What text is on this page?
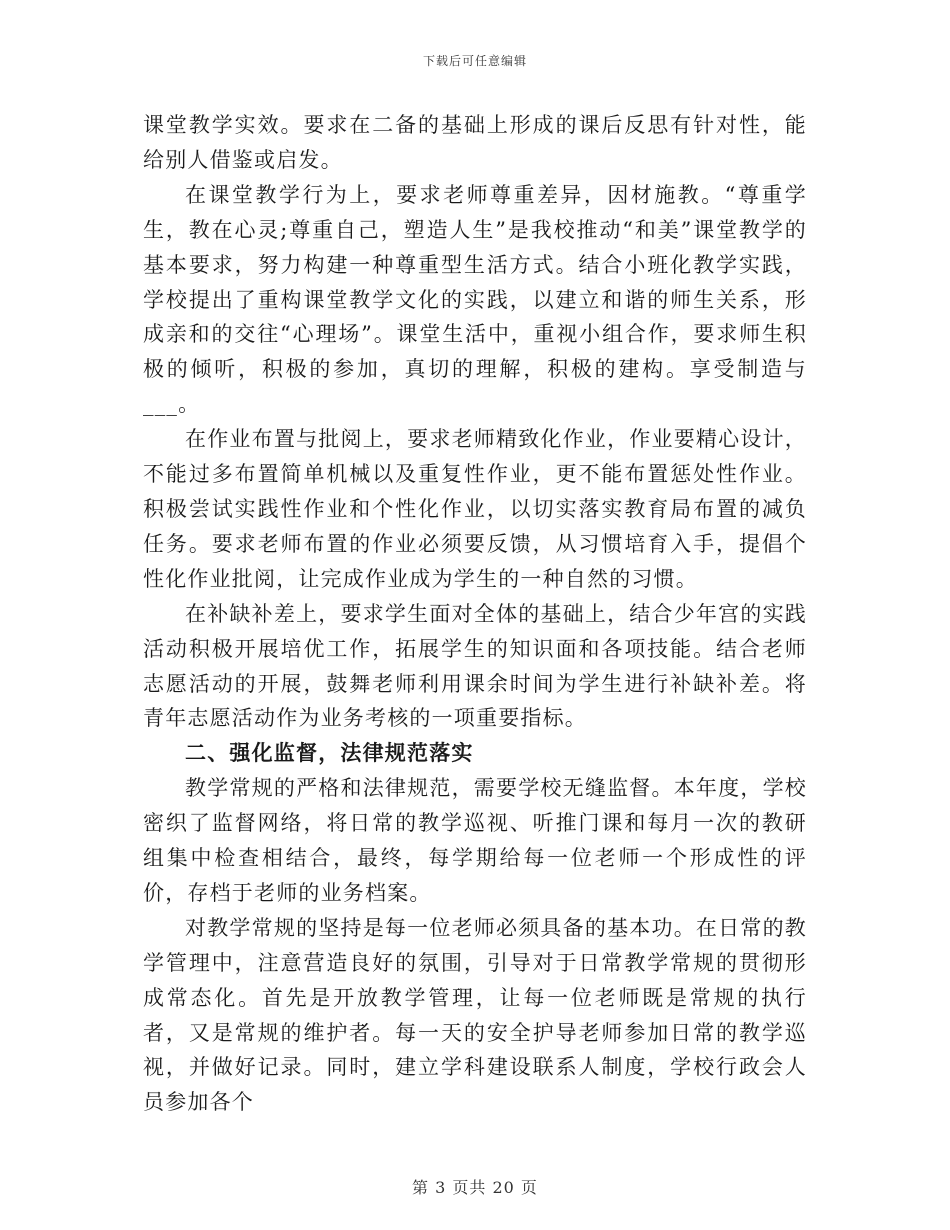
下载后可任意编辑

课堂教学实效。要求在二备的基础上形成的课后反思有针对性，能给别人借鉴或启发。

在课堂教学行为上，要求老师尊重差异，因材施教。“尊重学生，教在心灵;尊重自己，塑造人生”是我校推动“和美”课堂教学的基本要求，努力构建一种尊重型生活方式。结合小班化教学实践，学校提出了重构课堂教学文化的实践，以建立和谐的师生关系，形成亲和的交往“心理场”。课堂生活中，重视小组合作，要求师生积极的倾听，积极的参加，真切的理解，积极的建构。享受制造与___。

在作业布置与批阅上，要求老师精致化作业，作业要精心设计，不能过多布置简单机械以及重复性作业，更不能布置惩处性作业。积极尝试实践性作业和个性化作业，以切实落实教育局布置的减负任务。要求老师布置的作业必须要反馈，从习惯培育入手，提倡个性化作业批阅，让完成作业成为学生的一种自然的习惯。

在补缺补差上，要求学生面对全体的基础上，结合少年宫的实践活动积极开展培优工作，拓展学生的知识面和各项技能。结合老师志愿活动的开展，鼓舞老师利用课余时间为学生进行补缺补差。将青年志愿活动作为业务考核的一项重要指标。

二、强化监督，法律规范落实

教学常规的严格和法律规范，需要学校无缝监督。本年度，学校密织了监督网络，将日常的教学巡视、听推门课和每月一次的教研组集中检查相结合，最终，每学期给每一位老师一个形成性的评价，存档于老师的业务档案。

对教学常规的坚持是每一位老师必须具备的基本功。在日常的教学管理中，注意营造良好的氛围，引导对于日常教学常规的贯彻形成常态化。首先是开放教学管理，让每一位老师既是常规的执行者，又是常规的维护者。每一天的安全护导老师参加日常的教学巡视，并做好记录。同时，建立学科建设联系人制度，学校行政会人员参加各个

第 3 页共 20 页
